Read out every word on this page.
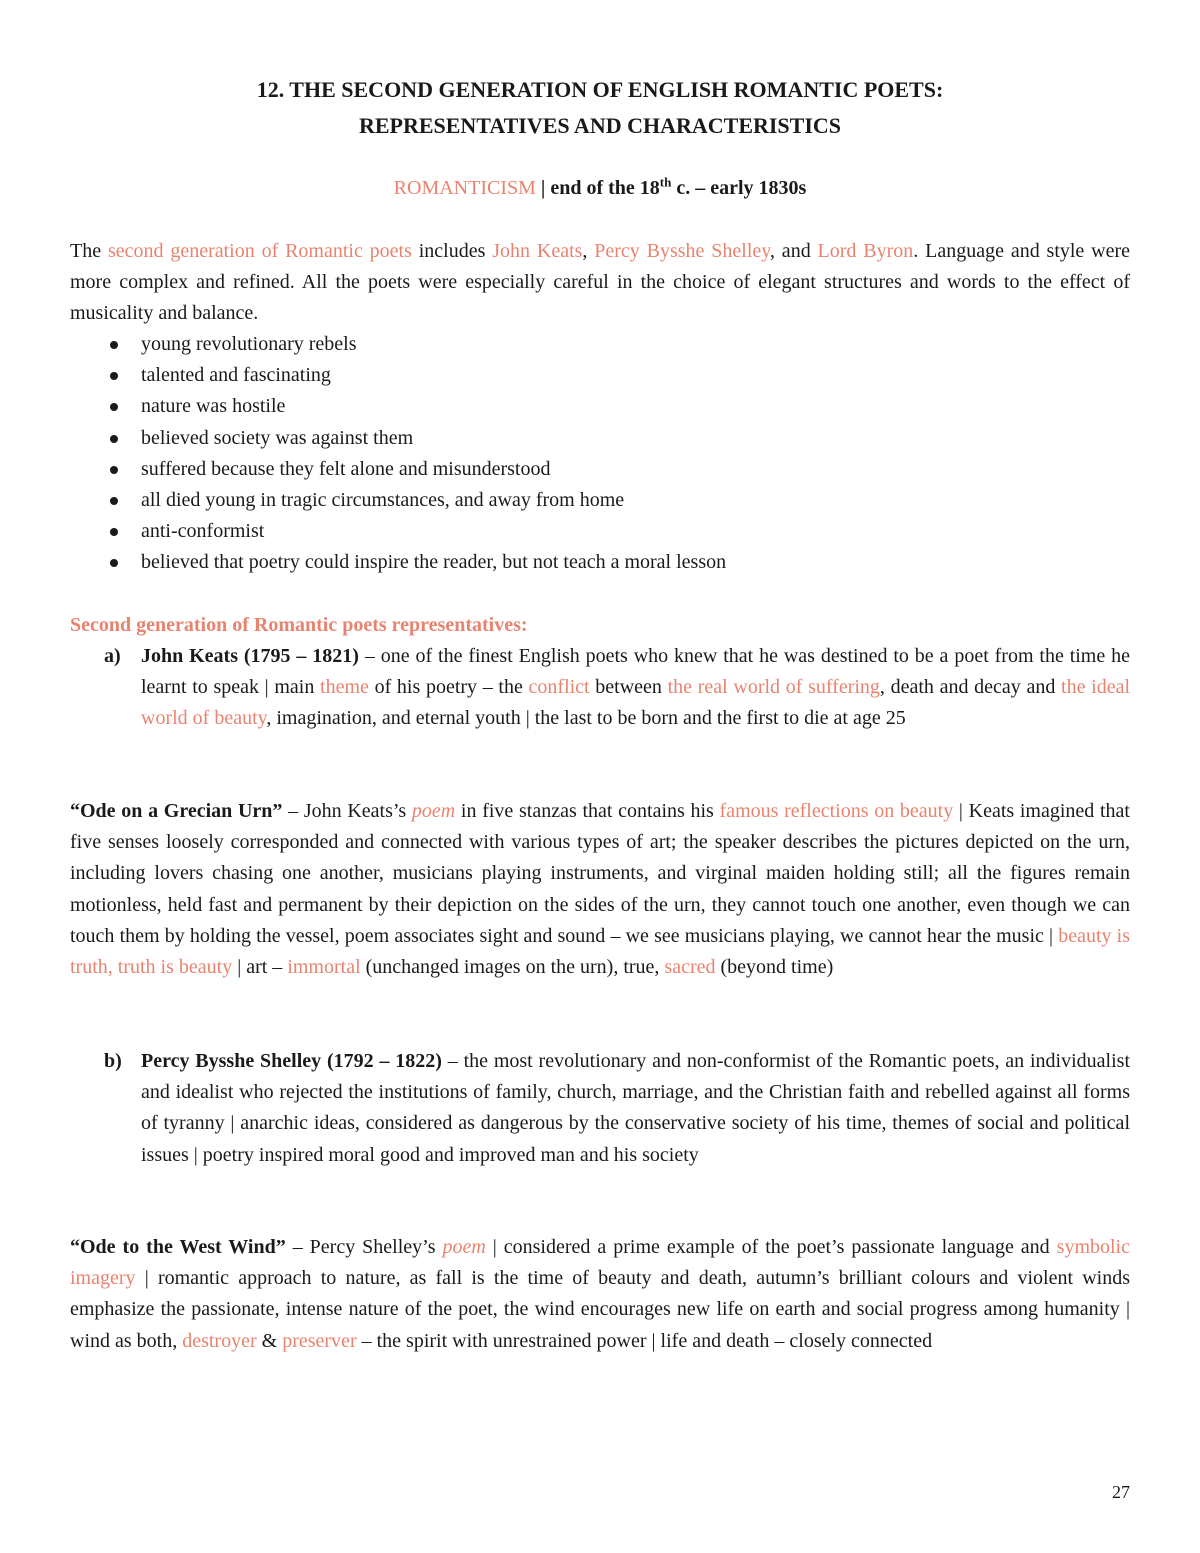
12. THE SECOND GENERATION OF ENGLISH ROMANTIC POETS:
REPRESENTATIVES AND CHARACTERISTICS
ROMANTICISM | end of the 18th c. – early 1830s
The second generation of Romantic poets includes John Keats, Percy Bysshe Shelley, and Lord Byron. Language and style were more complex and refined. All the poets were especially careful in the choice of elegant structures and words to the effect of musicality and balance.
young revolutionary rebels
talented and fascinating
nature was hostile
believed society was against them
suffered because they felt alone and misunderstood
all died young in tragic circumstances, and away from home
anti-conformist
believed that poetry could inspire the reader, but not teach a moral lesson
Second generation of Romantic poets representatives:
a) John Keats (1795 – 1821) – one of the finest English poets who knew that he was destined to be a poet from the time he learnt to speak | main theme of his poetry – the conflict between the real world of suffering, death and decay and the ideal world of beauty, imagination, and eternal youth | the last to be born and the first to die at age 25
“Ode on a Grecian Urn” – John Keats’s poem in five stanzas that contains his famous reflections on beauty | Keats imagined that five senses loosely corresponded and connected with various types of art; the speaker describes the pictures depicted on the urn, including lovers chasing one another, musicians playing instruments, and virginal maiden holding still; all the figures remain motionless, held fast and permanent by their depiction on the sides of the urn, they cannot touch one another, even though we can touch them by holding the vessel, poem associates sight and sound – we see musicians playing, we cannot hear the music | beauty is truth, truth is beauty | art – immortal (unchanged images on the urn), true, sacred (beyond time)
b) Percy Bysshe Shelley (1792 – 1822) – the most revolutionary and non-conformist of the Romantic poets, an individualist and idealist who rejected the institutions of family, church, marriage, and the Christian faith and rebelled against all forms of tyranny | anarchic ideas, considered as dangerous by the conservative society of his time, themes of social and political issues | poetry inspired moral good and improved man and his society
“Ode to the West Wind” – Percy Shelley’s poem | considered a prime example of the poet’s passionate language and symbolic imagery | romantic approach to nature, as fall is the time of beauty and death, autumn’s brilliant colours and violent winds emphasize the passionate, intense nature of the poet, the wind encourages new life on earth and social progress among humanity | wind as both, destroyer & preserver – the spirit with unrestrained power | life and death – closely connected
27
